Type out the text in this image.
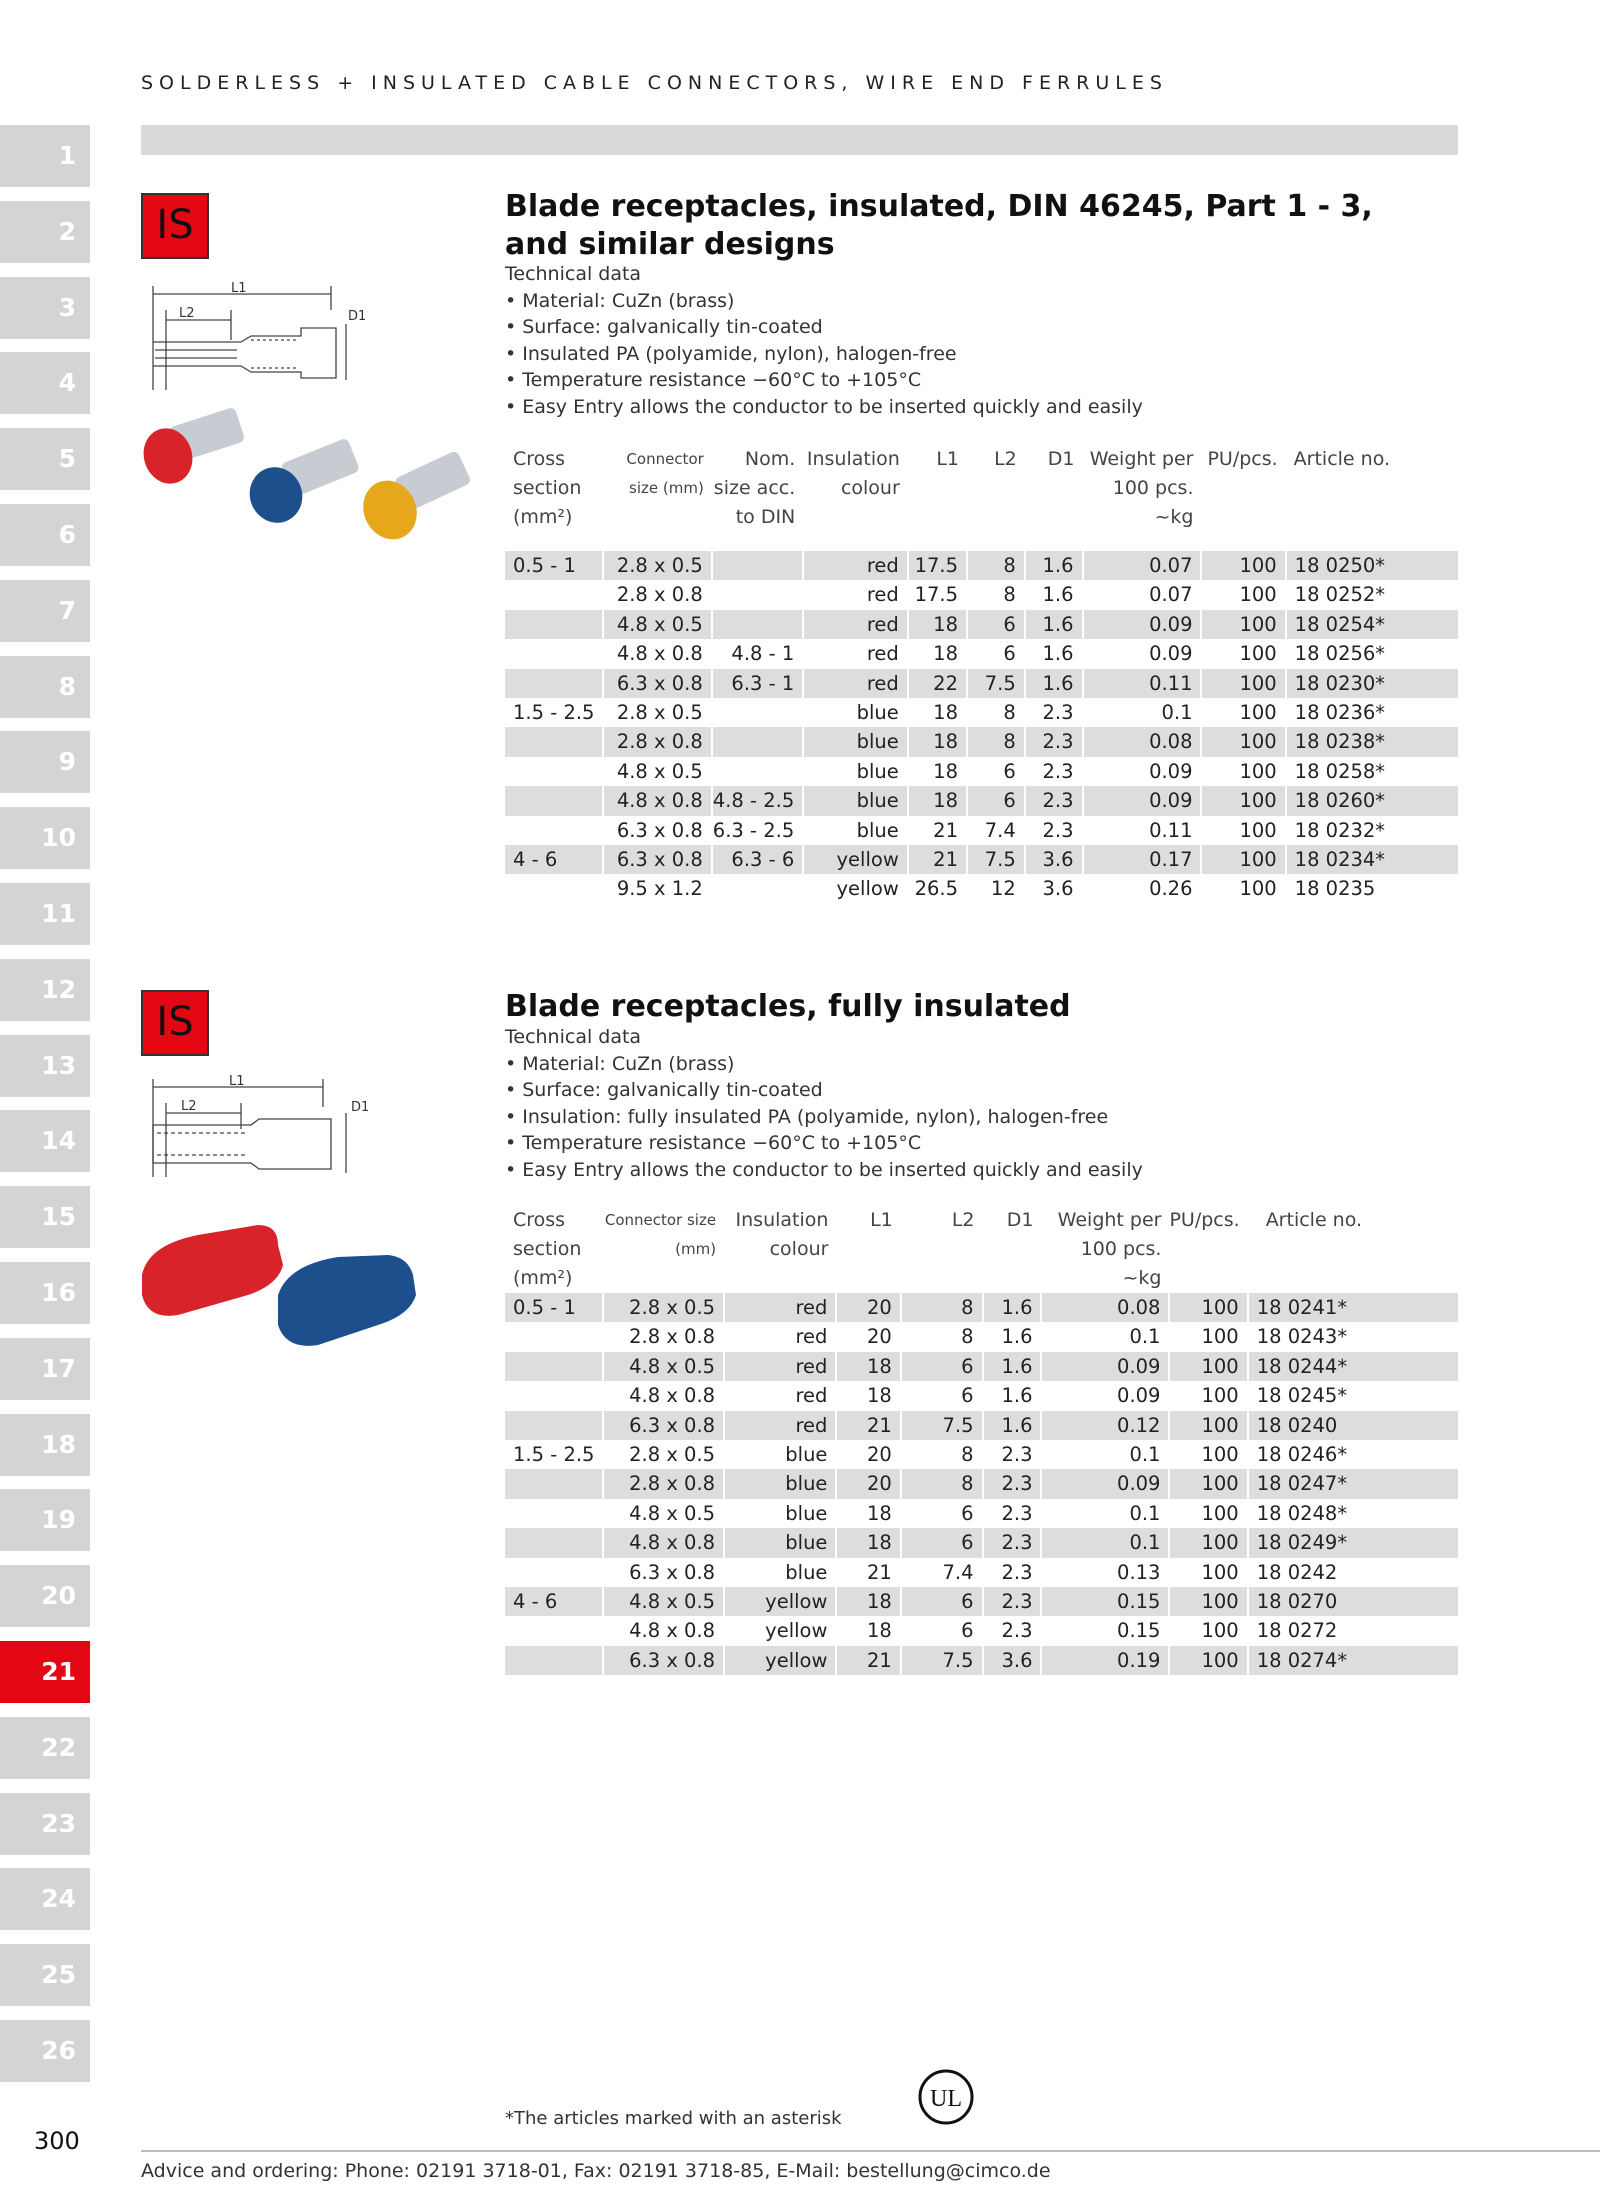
SOLDERLESS + INSULATED CABLE CONNECTORS, WIRE END FERRULES
1
2
3
4
5
6
7
8
9
10
11
12
13
14
15
16
17
18
19
20
21
22
23
24
25
26
IS
L1
L2	D1
Blade receptacles, insulated, DIN 46245, Part 1 - 3,
and similar designs
Technical data
• Material: CuZn (brass)
• Surface: galvanically tin-coated
• Insulated PA (polyamide, nylon), halogen-free
• Temperature resistance −60°C to +105°C
• Easy Entry allows the conductor to be inserted quickly and easily
Cross section (mm²)	Connector size (mm)	Nom. size acc. to DIN	Insulation colour	L1	L2	D1	Weight per 100 pcs. ~kg	PU/pcs.	Article no.
0.5 - 1	2.8 x 0.5		red	17.5	8	1.6	0.07	100	18 0250*
	2.8 x 0.8		red	17.5	8	1.6	0.07	100	18 0252*
	4.8 x 0.5		red	18	6	1.6	0.09	100	18 0254*
	4.8 x 0.8	4.8 - 1	red	18	6	1.6	0.09	100	18 0256*
	6.3 x 0.8	6.3 - 1	red	22	7.5	1.6	0.11	100	18 0230*
1.5 - 2.5	2.8 x 0.5		blue	18	8	2.3	0.1	100	18 0236*
	2.8 x 0.8		blue	18	8	2.3	0.08	100	18 0238*
	4.8 x 0.5		blue	18	6	2.3	0.09	100	18 0258*
	4.8 x 0.8	4.8 - 2.5	blue	18	6	2.3	0.09	100	18 0260*
	6.3 x 0.8	6.3 - 2.5	blue	21	7.4	2.3	0.11	100	18 0232*
4 - 6	6.3 x 0.8	6.3 - 6	yellow	21	7.5	3.6	0.17	100	18 0234*
	9.5 x 1.2		yellow	26.5	12	3.6	0.26	100	18 0235
IS
L1
L2	D1
Blade receptacles, fully insulated
Technical data
• Material: CuZn (brass)
• Surface: galvanically tin-coated
• Insulation: fully insulated PA (polyamide, nylon), halogen-free
• Temperature resistance −60°C to +105°C
• Easy Entry allows the conductor to be inserted quickly and easily
Cross section (mm²)	Connector size (mm)	Insulation colour	L1	L2	D1	Weight per 100 pcs. ~kg	PU/pcs.	Article no.
0.5 - 1	2.8 x 0.5	red	20	8	1.6	0.08	100	18 0241*
	2.8 x 0.8	red	20	8	1.6	0.1	100	18 0243*
	4.8 x 0.5	red	18	6	1.6	0.09	100	18 0244*
	4.8 x 0.8	red	18	6	1.6	0.09	100	18 0245*
	6.3 x 0.8	red	21	7.5	1.6	0.12	100	18 0240
1.5 - 2.5	2.8 x 0.5	blue	20	8	2.3	0.1	100	18 0246*
	2.8 x 0.8	blue	20	8	2.3	0.09	100	18 0247*
	4.8 x 0.5	blue	18	6	2.3	0.1	100	18 0248*
	4.8 x 0.8	blue	18	6	2.3	0.1	100	18 0249*
	6.3 x 0.8	blue	21	7.4	2.3	0.13	100	18 0242
4 - 6	4.8 x 0.5	yellow	18	6	2.3	0.15	100	18 0270
	4.8 x 0.8	yellow	18	6	2.3	0.15	100	18 0272
	6.3 x 0.8	yellow	21	7.5	3.6	0.19	100	18 0274*
*The articles marked with an asterisk
UL
300
Advice and ordering: Phone: 02191 3718-01, Fax: 02191 3718-85, E-Mail: bestellung@cimco.de
